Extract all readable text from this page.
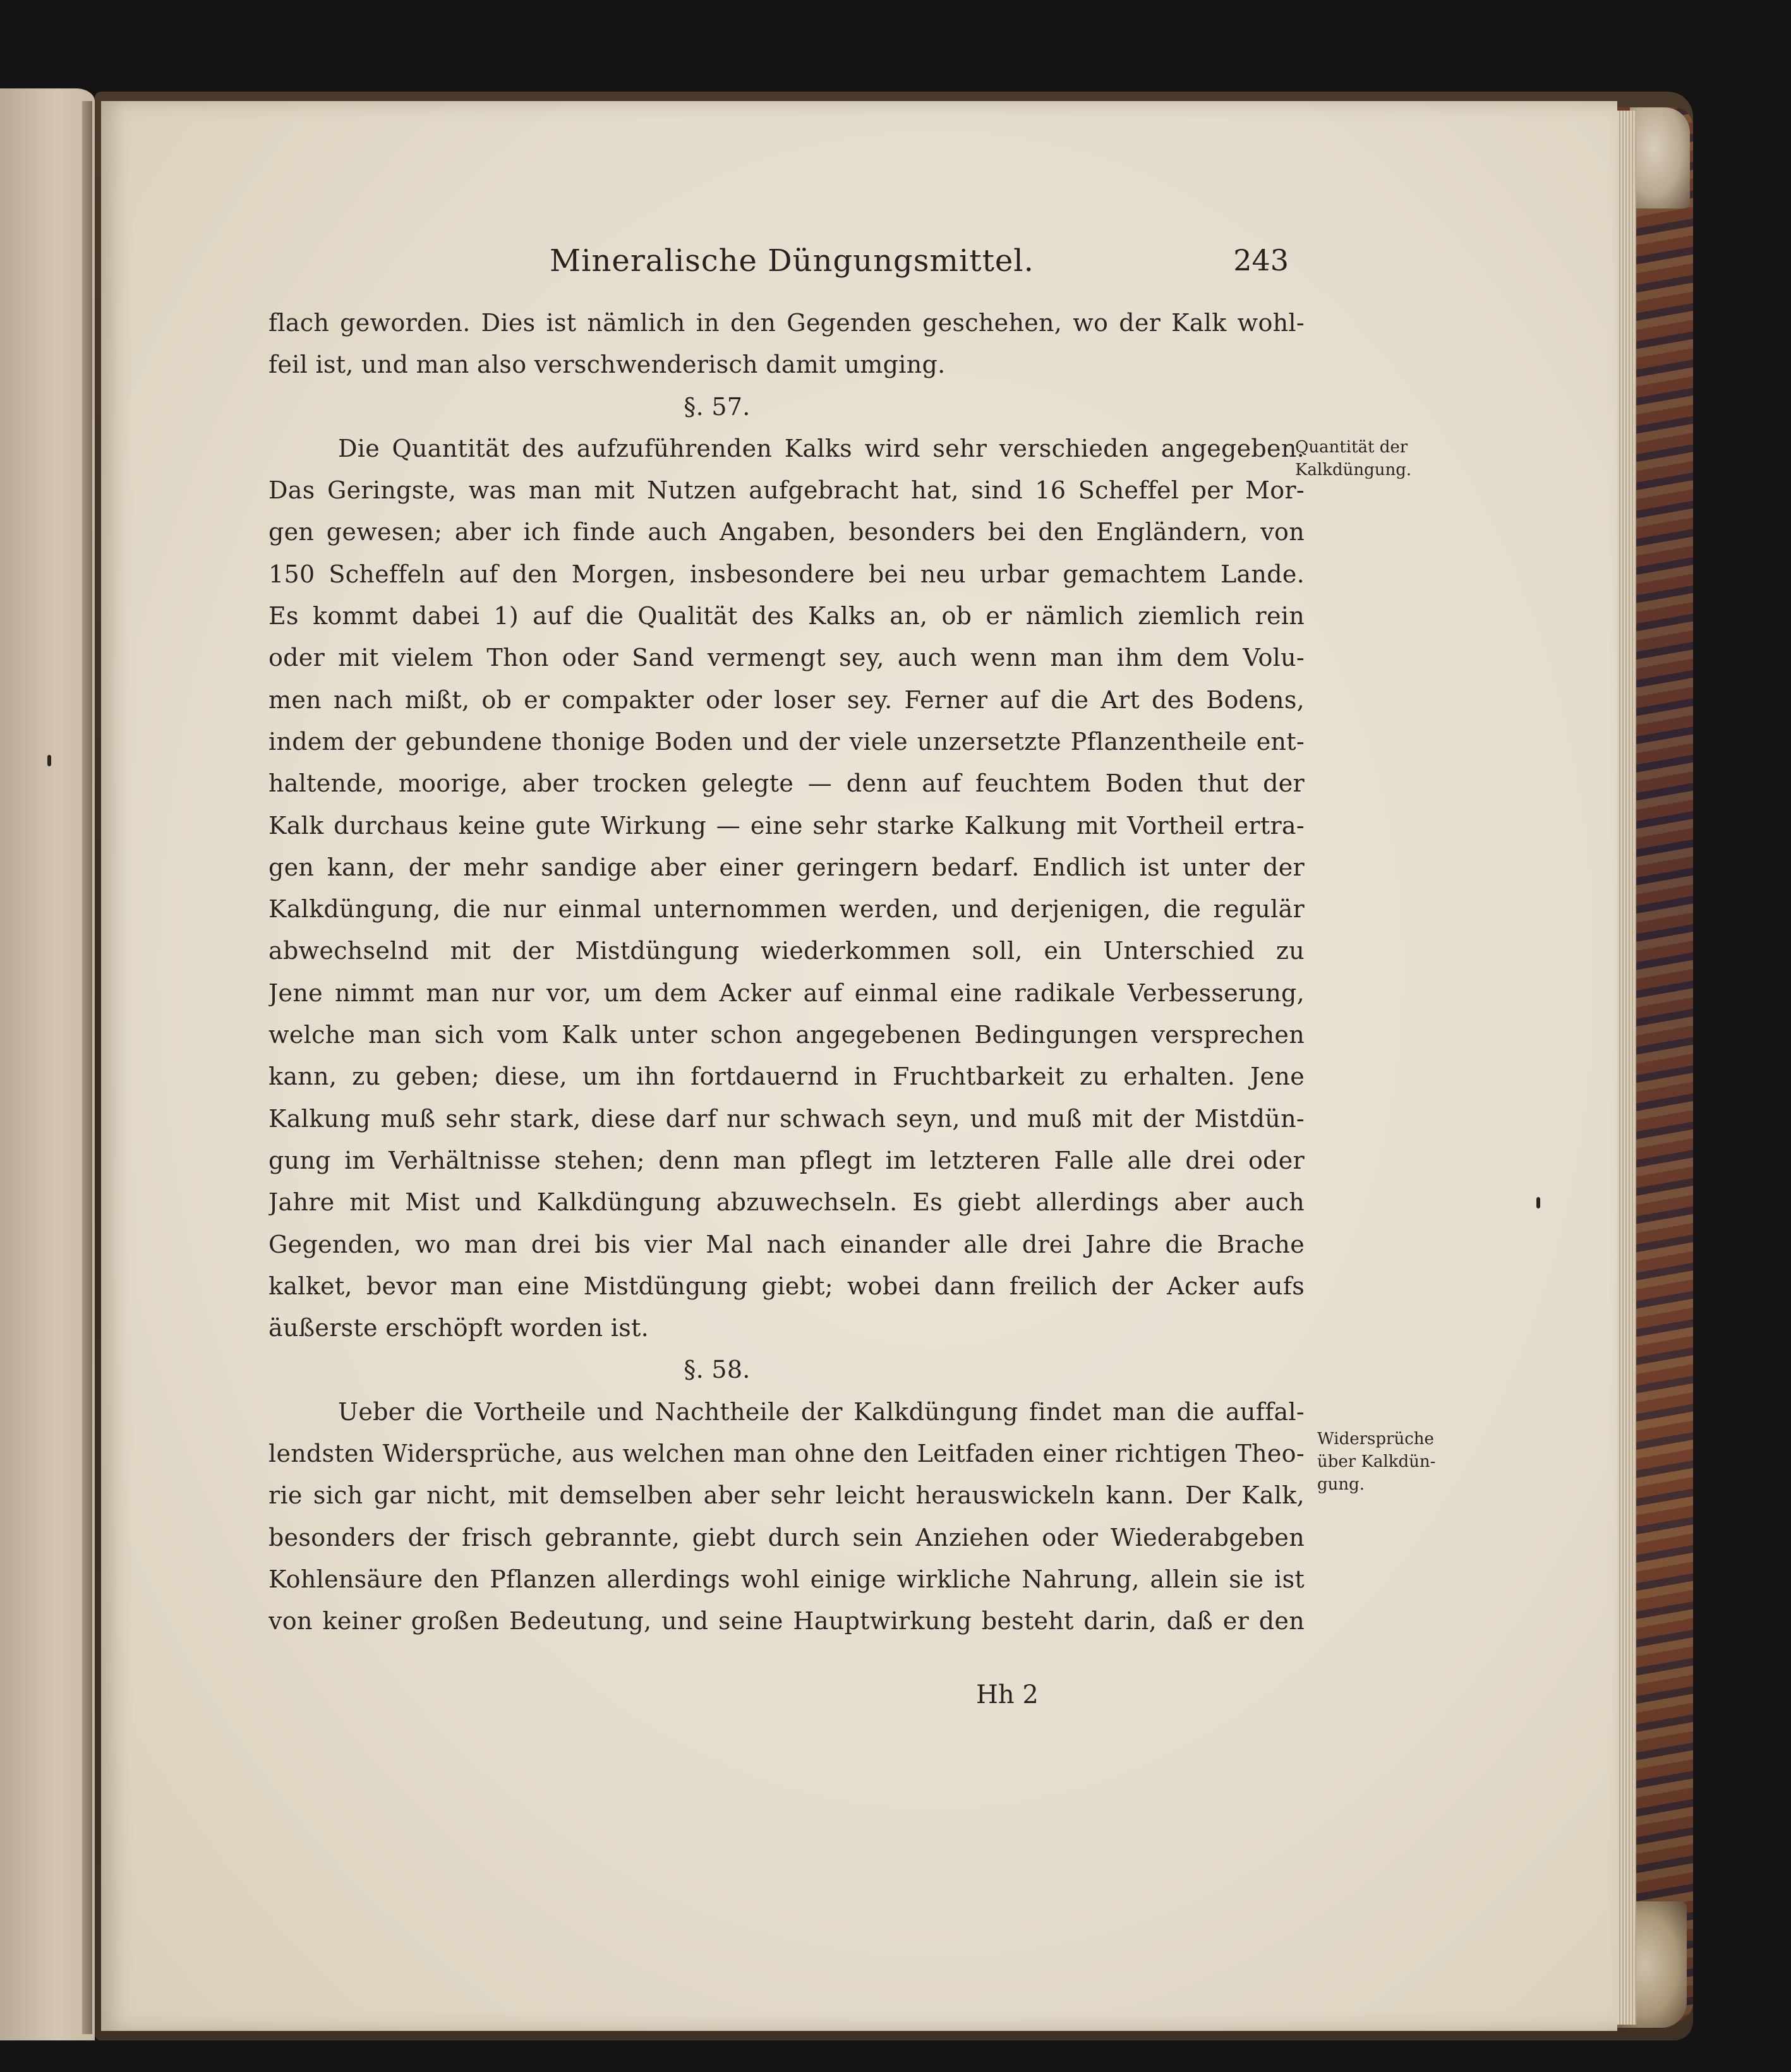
Mineralische Düngungsmittel.	243
flach geworden. Dies ist nämlich in den Gegenden geschehen, wo der Kalk wohl-
feil ist, und man also verschwenderisch damit umging.
§. 57.
Die Quantität des aufzuführenden Kalks wird sehr verschieden angegeben.
Das Geringste, was man mit Nutzen aufgebracht hat, sind 16 Scheffel per Mor-
gen gewesen; aber ich finde auch Angaben, besonders bei den Engländern, von
150 Scheffeln auf den Morgen, insbesondere bei neu urbar gemachtem Lande.
Es kommt dabei 1) auf die Qualität des Kalks an, ob er nämlich ziemlich rein
oder mit vielem Thon oder Sand vermengt sey, auch wenn man ihm dem Volu-
men nach mißt, ob er compakter oder loser sey. Ferner auf die Art des Bodens,
indem der gebundene thonige Boden und der viele unzersetzte Pflanzentheile ent-
haltende, moorige, aber trocken gelegte — denn auf feuchtem Boden thut der
Kalk durchaus keine gute Wirkung — eine sehr starke Kalkung mit Vortheil ertra-
gen kann, der mehr sandige aber einer geringern bedarf. Endlich ist unter der
Kalkdüngung, die nur einmal unternommen werden, und derjenigen, die regulär
abwechselnd mit der Mistdüngung wiederkommen soll, ein Unterschied zu
Jene nimmt man nur vor, um dem Acker auf einmal eine radikale Verbesserung,
welche man sich vom Kalk unter schon angegebenen Bedingungen versprechen
kann, zu geben; diese, um ihn fortdauernd in Fruchtbarkeit zu erhalten. Jene
Kalkung muß sehr stark, diese darf nur schwach seyn, und muß mit der Mistdün-
gung im Verhältnisse stehen; denn man pflegt im letzteren Falle alle drei oder
Jahre mit Mist und Kalkdüngung abzuwechseln. Es giebt allerdings aber auch
Gegenden, wo man drei bis vier Mal nach einander alle drei Jahre die Brache
kalket, bevor man eine Mistdüngung giebt; wobei dann freilich der Acker aufs
äußerste erschöpft worden ist.
§. 58.
Ueber die Vortheile und Nachtheile der Kalkdüngung findet man die auffal-
lendsten Widersprüche, aus welchen man ohne den Leitfaden einer richtigen Theo-
rie sich gar nicht, mit demselben aber sehr leicht herauswickeln kann. Der Kalk,
besonders der frisch gebrannte, giebt durch sein Anziehen oder Wiederabgeben
Kohlensäure den Pflanzen allerdings wohl einige wirkliche Nahrung, allein sie ist
von keiner großen Bedeutung, und seine Hauptwirkung besteht darin, daß er den
Quantität der
Kalkdüngung.
Widersprüche
über Kalkdün-
gung.
Hh 2
